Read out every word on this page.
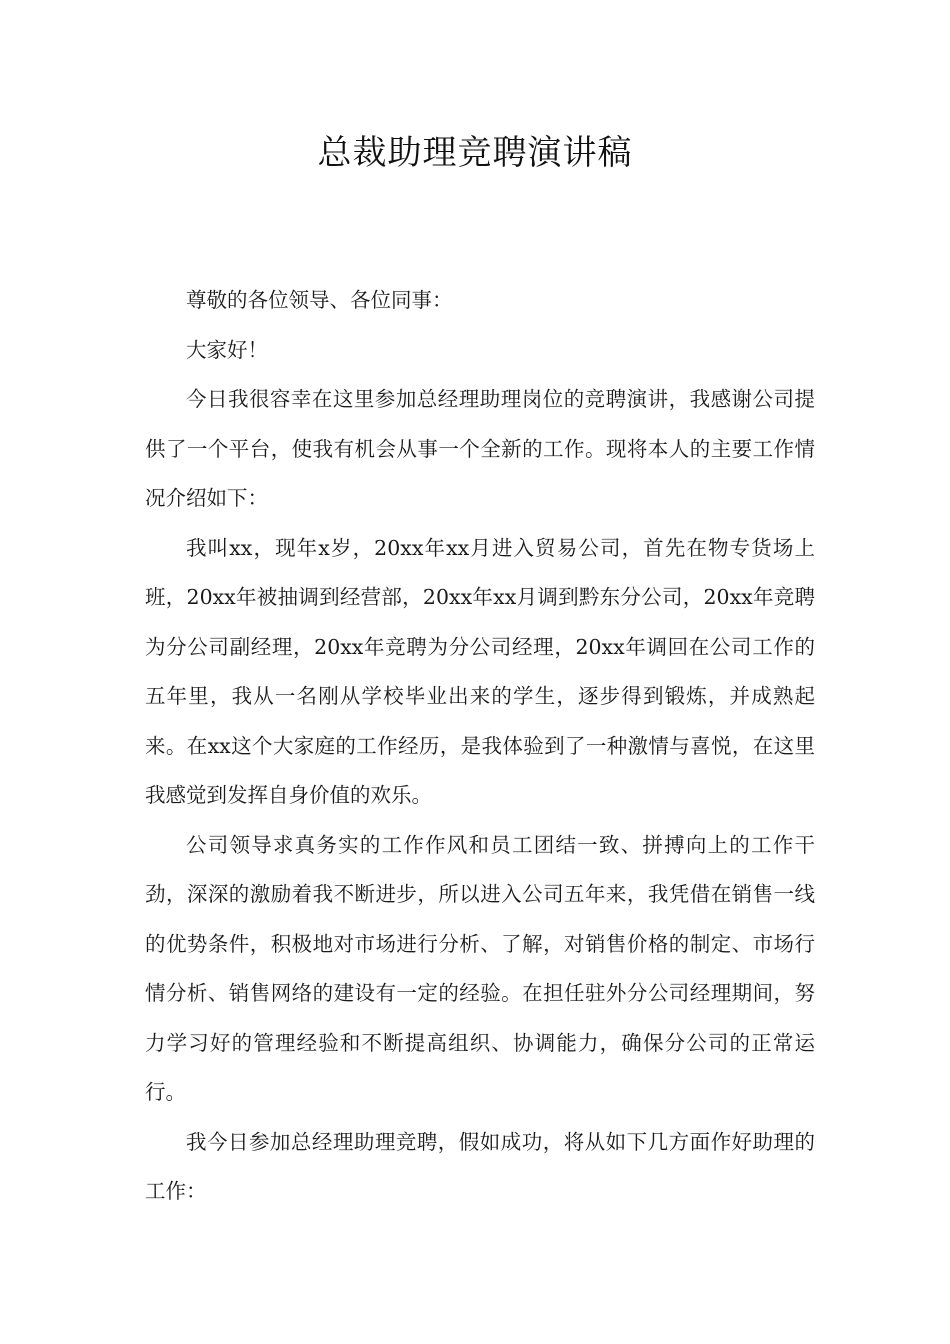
总裁助理竞聘演讲稿

尊敬的各位领导、各位同事：

大家好！

今日我很容幸在这里参加总经理助理岗位的竞聘演讲，我感谢公司提供了一个平台，使我有机会从事一个全新的工作。现将本人的主要工作情况介绍如下：

我叫xx，现年x岁，20xx年xx月进入贸易公司，首先在物专货场上班，20xx年被抽调到经营部，20xx年xx月调到黔东分公司，20xx年竞聘为分公司副经理，20xx年竞聘为分公司经理，20xx年调回在公司工作的五年里，我从一名刚从学校毕业出来的学生，逐步得到锻炼，并成熟起来。在xx这个大家庭的工作经历，是我体验到了一种激情与喜悦，在这里我感觉到发挥自身价值的欢乐。

公司领导求真务实的工作作风和员工团结一致、拼搏向上的工作干劲，深深的激励着我不断进步，所以进入公司五年来，我凭借在销售一线的优势条件，积极地对市场进行分析、了解，对销售价格的制定、市场行情分析、销售网络的建设有一定的经验。在担任驻外分公司经理期间，努力学习好的管理经验和不断提高组织、协调能力，确保分公司的正常运行。

我今日参加总经理助理竞聘，假如成功，将从如下几方面作好助理的工作：
